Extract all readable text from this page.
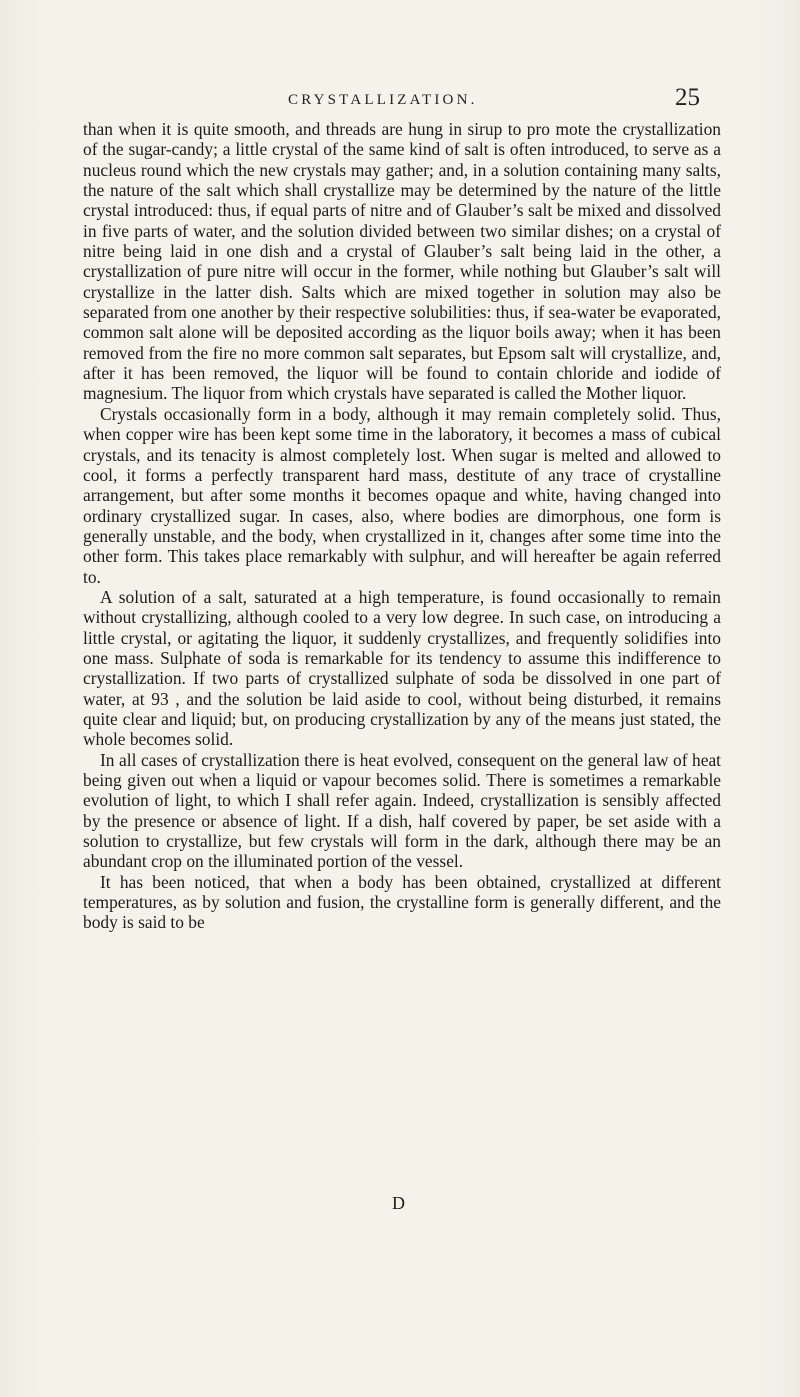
CRYSTALLIZATION.	25

than when it is quite smooth, and threads are hung in sirup to pro mote the crystallization of the sugar-candy; a little crystal of the same kind of salt is often introduced, to serve as a nucleus round which the new crystals may gather; and, in a solution containing many salts, the nature of the salt which shall crystallize may be determined by the nature of the little crystal introduced: thus, if equal parts of nitre and of Glauber’s salt be mixed and dissolved in five parts of water, and the solution divided between two similar dishes; on a crystal of nitre being laid in one dish and a crystal of Glauber’s salt being laid in the other, a crystallization of pure nitre will occur in the former, while nothing but Glauber’s salt will crystallize in the latter dish. Salts which are mixed together in solution may also be separated from one another by their respective solubilities: thus, if sea-water be evaporated, common salt alone will be deposited according as the liquor boils away; when it has been removed from the fire no more common salt separates, but Epsom salt will crystallize, and, after it has been removed, the liquor will be found to contain chloride and iodide of magnesium. The liquor from which crystals have separated is called the Mother liquor.

Crystals occasionally form in a body, although it may remain completely solid. Thus, when copper wire has been kept some time in the laboratory, it becomes a mass of cubical crystals, and its tenacity is almost completely lost. When sugar is melted and allowed to cool, it forms a perfectly transparent hard mass, destitute of any trace of crystalline arrangement, but after some months it becomes opaque and white, having changed into ordinary crystallized sugar. In cases, also, where bodies are dimorphous, one form is generally unstable, and the body, when crystallized in it, changes after some time into the other form. This takes place remarkably with sulphur, and will hereafter be again referred to.

A solution of a salt, saturated at a high temperature, is found occasionally to remain without crystallizing, although cooled to a very low degree. In such case, on introducing a little crystal, or agitating the liquor, it suddenly crystallizes, and frequently solidifies into one mass. Sulphate of soda is remarkable for its tendency to assume this indifference to crystallization. If two parts of crystallized sulphate of soda be dissolved in one part of water, at 93 , and the solution be laid aside to cool, without being disturbed, it remains quite clear and liquid; but, on producing crystallization by any of the means just stated, the whole becomes solid.

In all cases of crystallization there is heat evolved, consequent on the general law of heat being given out when a liquid or vapour becomes solid. There is sometimes a remarkable evolution of light, to which I shall refer again. Indeed, crystallization is sensibly affected by the presence or absence of light. If a dish, half covered by paper, be set aside with a solution to crystallize, but few crystals will form in the dark, although there may be an abundant crop on the illuminated portion of the vessel.

It has been noticed, that when a body has been obtained, crystallized at different temperatures, as by solution and fusion, the crystalline form is generally different, and the body is said to be

D
